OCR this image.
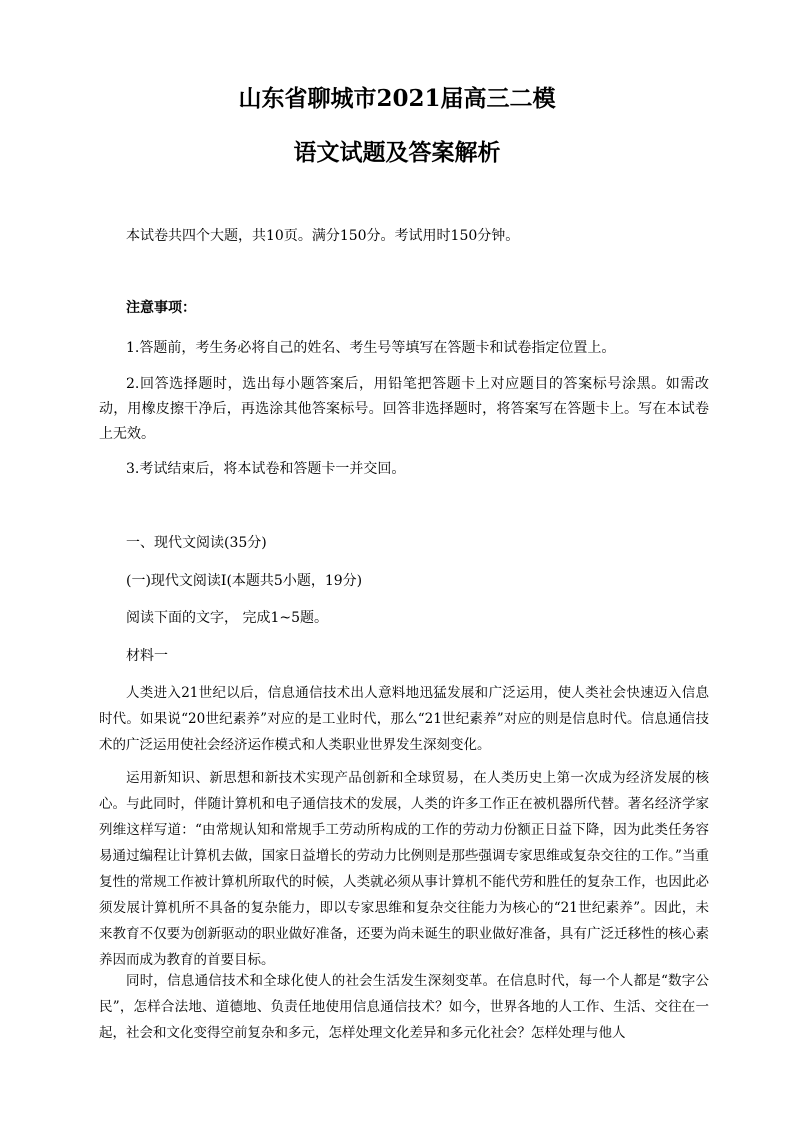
山东省聊城市2021届高三二模
语文试题及答案解析
本试卷共四个大题，共10页。满分150分。考试用时150分钟。
注意事项：
1.答题前，考生务必将自己的姓名、考生号等填写在答题卡和试卷指定位置上。

2.回答选择题时，选出每小题答案后，用铅笔把答题卡上对应题目的答案标号涂黑。如需改动，用橡皮擦干净后，再选涂其他答案标号。回答非选择题时，将答案写在答题卡上。写在本试卷上无效。

3.考试结束后，将本试卷和答题卡一并交回。
一、现代文阅读(35分)
(一)现代文阅读I(本题共5小题，19分)
阅读下面的文字， 完成1~5题。
材料一

人类进入21世纪以后，信息通信技术出人意料地迅猛发展和广泛运用，使人类社会快速迈入信息时代。如果说“20世纪素养”对应的是工业时代，那么“21世纪素养”对应的则是信息时代。信息通信技术的广泛运用使社会经济运作模式和人类职业世界发生深刻变化。

运用新知识、新思想和新技术实现产品创新和全球贸易，在人类历史上第一次成为经济发展的核心。与此同时，伴随计算机和电子通信技术的发展，人类的许多工作正在被机器所代替。著名经济学家列维这样写道：“由常规认知和常规手工劳动所构成的工作的劳动力份额正日益下降，因为此类任务容易通过编程让计算机去做，国家日益增长的劳动力比例则是那些强调专家思维或复杂交往的工作。”当重复性的常规工作被计算机所取代的时候，人类就必须从事计算机不能代劳和胜任的复杂工作，也因此必须发展计算机所不具备的复杂能力，即以专家思维和复杂交往能力为核心的“21世纪素养”。因此，未来教育不仅要为创新驱动的职业做好准备，还要为尚未诞生的职业做好准备，具有广泛迁移性的核心素养因而成为教育的首要目标。

同时，信息通信技术和全球化使人的社会生活发生深刻变革。在信息时代，每一个人都是“数字公民”，怎样合法地、道德地、负责任地使用信息通信技术？如今，世界各地的人工作、生活、交往在一起，社会和文化变得空前复杂和多元，怎样处理文化差异和多元化社会？怎样处理与他人
